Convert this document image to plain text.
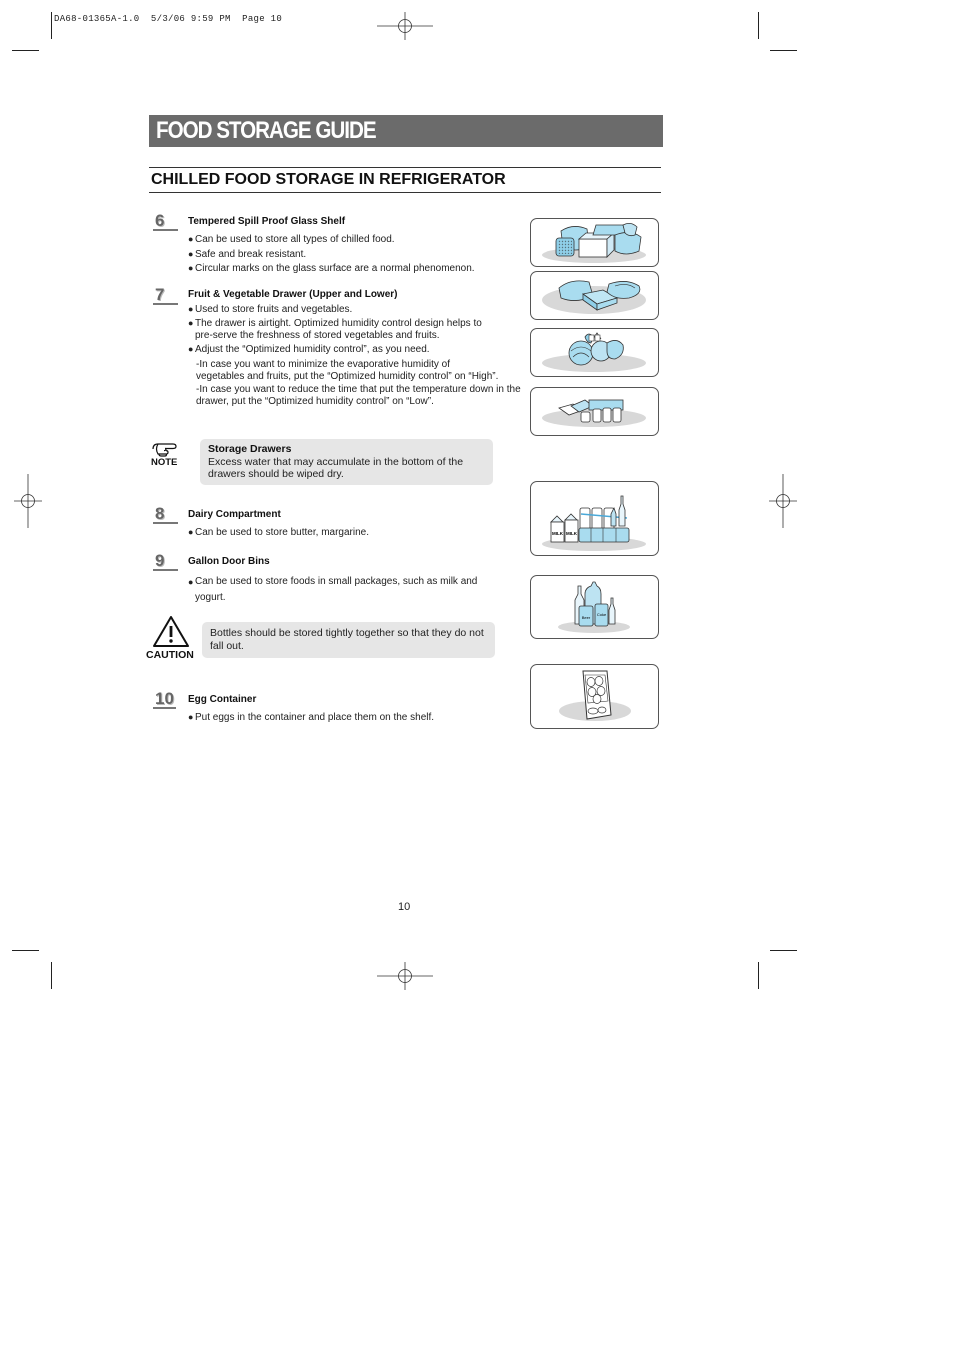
DA68-01365A-1.0  5/3/06 9:59 PM  Page 10
FOOD STORAGE GUIDE
CHILLED FOOD STORAGE IN REFRIGERATOR
6	Tempered Spill Proof Glass Shelf
● Can be used to store all types of chilled food.
● Safe and break resistant.
● Circular marks on the glass surface are a normal phenomenon.
7	Fruit & Vegetable Drawer (Upper and Lower)
● Used to store fruits and vegetables.
● The drawer is airtight. Optimized humidity control design helps to pre-serve the freshness of stored vegetables and fruits.
● Adjust the “Optimized humidity control”, as you need.
-In case you want to minimize the evaporative humidity of vegetables and fruits, put the “Optimized humidity control” on “High”.
-In case you want to reduce the time that put the temperature down in the drawer, put the “Optimized humidity control” on “Low”.
NOTE
Storage Drawers
Excess water that may accumulate in the bottom of the drawers should be wiped dry.
8	Dairy Compartment
● Can be used to store butter, margarine.
9	Gallon Door Bins
● Can be used to store foods in small packages, such as milk and yogurt.
CAUTION
Bottles should be stored tightly together so that they do not fall out.
10 Egg Container
● Put eggs in the container and place them on the shelf.
MILK MILK
Beer
Coke
10
